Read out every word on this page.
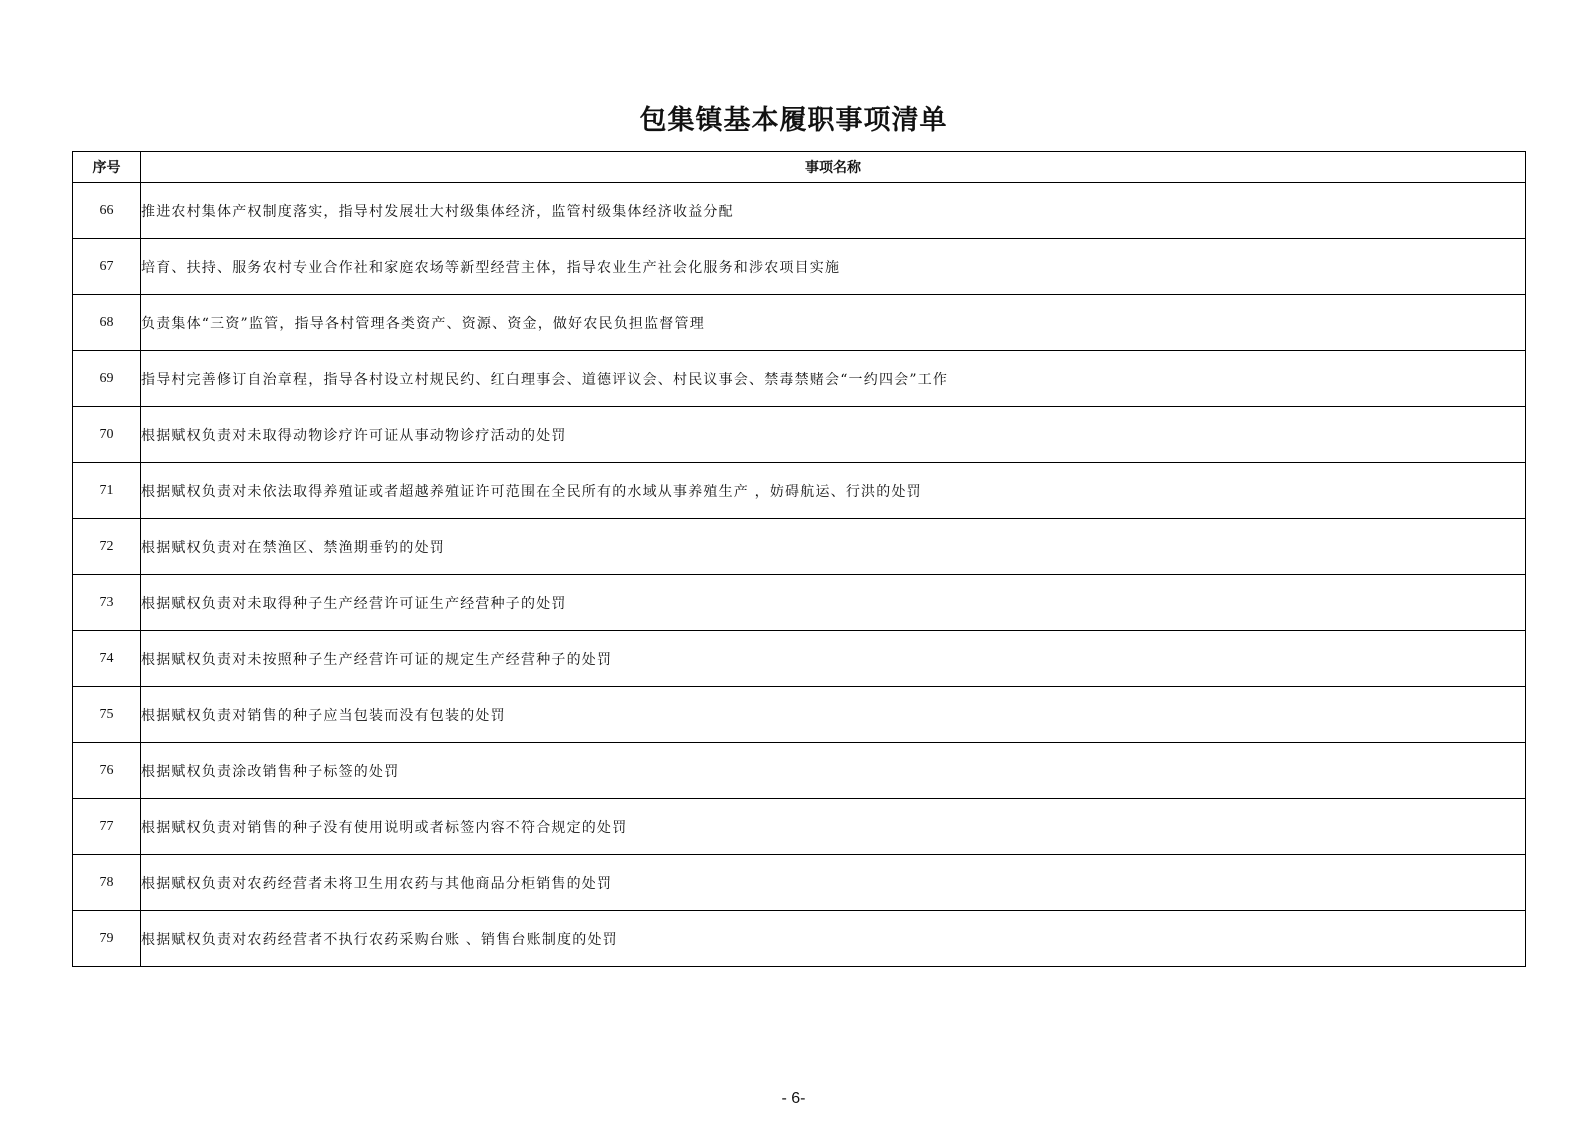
包集镇基本履职事项清单
序号	事项名称
66	推进农村集体产权制度落实，指导村发展壮大村级集体经济，监管村级集体经济收益分配
67	培育、扶持、服务农村专业合作社和家庭农场等新型经营主体，指导农业生产社会化服务和涉农项目实施
68	负责集体“三资”监管，指导各村管理各类资产、资源、资金，做好农民负担监督管理
69	指导村完善修订自治章程，指导各村设立村规民约、红白理事会、道德评议会、村民议事会、禁毒禁赌会“一约四会”工作
70	根据赋权负责对未取得动物诊疗许可证从事动物诊疗活动的处罚
71	根据赋权负责对未依法取得养殖证或者超越养殖证许可范围在全民所有的水域从事养殖生产 ，妨碍航运、行洪的处罚
72	根据赋权负责对在禁渔区、禁渔期垂钓的处罚
73	根据赋权负责对未取得种子生产经营许可证生产经营种子的处罚
74	根据赋权负责对未按照种子生产经营许可证的规定生产经营种子的处罚
75	根据赋权负责对销售的种子应当包装而没有包装的处罚
76	根据赋权负责涂改销售种子标签的处罚
77	根据赋权负责对销售的种子没有使用说明或者标签内容不符合规定的处罚
78	根据赋权负责对农药经营者未将卫生用农药与其他商品分柜销售的处罚
79	根据赋权负责对农药经营者不执行农药采购台账 、销售台账制度的处罚
- 6-
